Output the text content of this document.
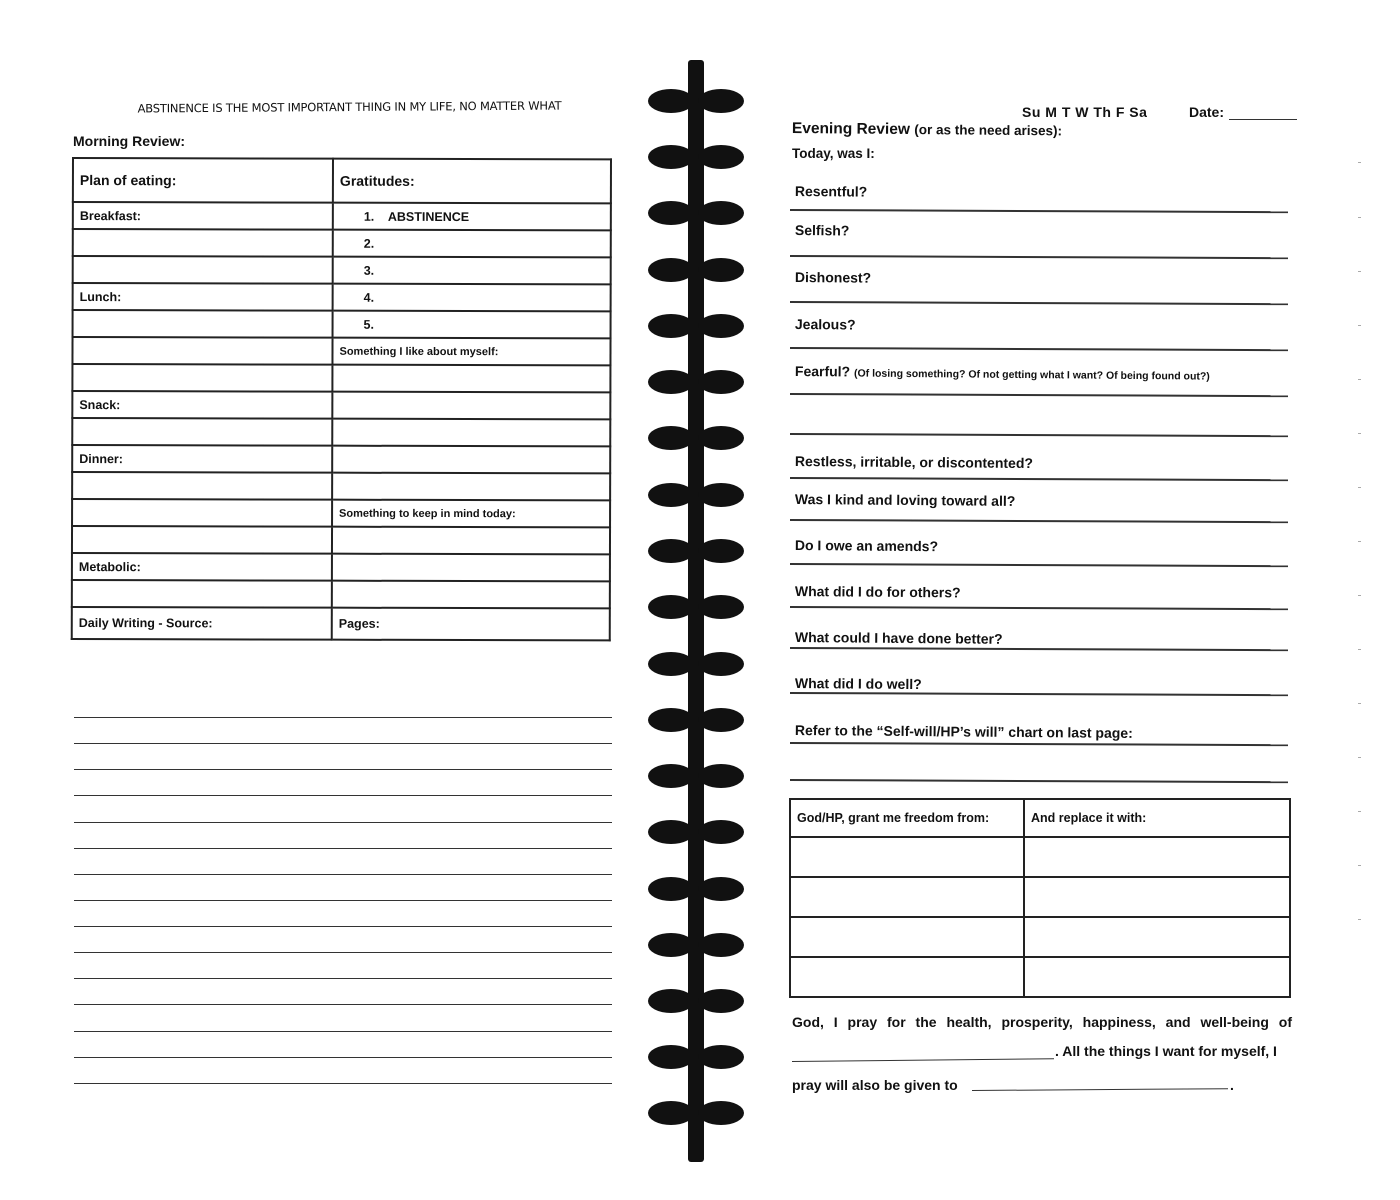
ABSTINENCE IS THE MOST IMPORTANT THING IN MY LIFE, NO MATTER WHAT
Morning Review:
Plan of eating:	Gratitudes:
Breakfast:	1. ABSTINENCE
	2.
	3.
Lunch:	4.
	5.
	Something I like about myself:

Snack:	

Dinner:	

	Something to keep in mind today:

Metabolic:	

Daily Writing - Source:	Pages:
Su M T W Th F Sa	Date:
Evening Review (or as the need arises):
Today, was I:
Resentful?
Selfish?
Dishonest?
Jealous?
Fearful? (Of losing something? Of not getting what I want? Of being found out?)
Restless, irritable, or discontented?
Was I kind and loving toward all?
Do I owe an amends?
What did I do for others?
What could I have done better?
What did I do well?
Refer to the “Self-will/HP’s will” chart on last page:
God/HP, grant me freedom from:	And replace it with:

God, I pray for the health, prosperity, happiness, and well-being of
. All the things I want for myself, I
pray will also be given to	.
